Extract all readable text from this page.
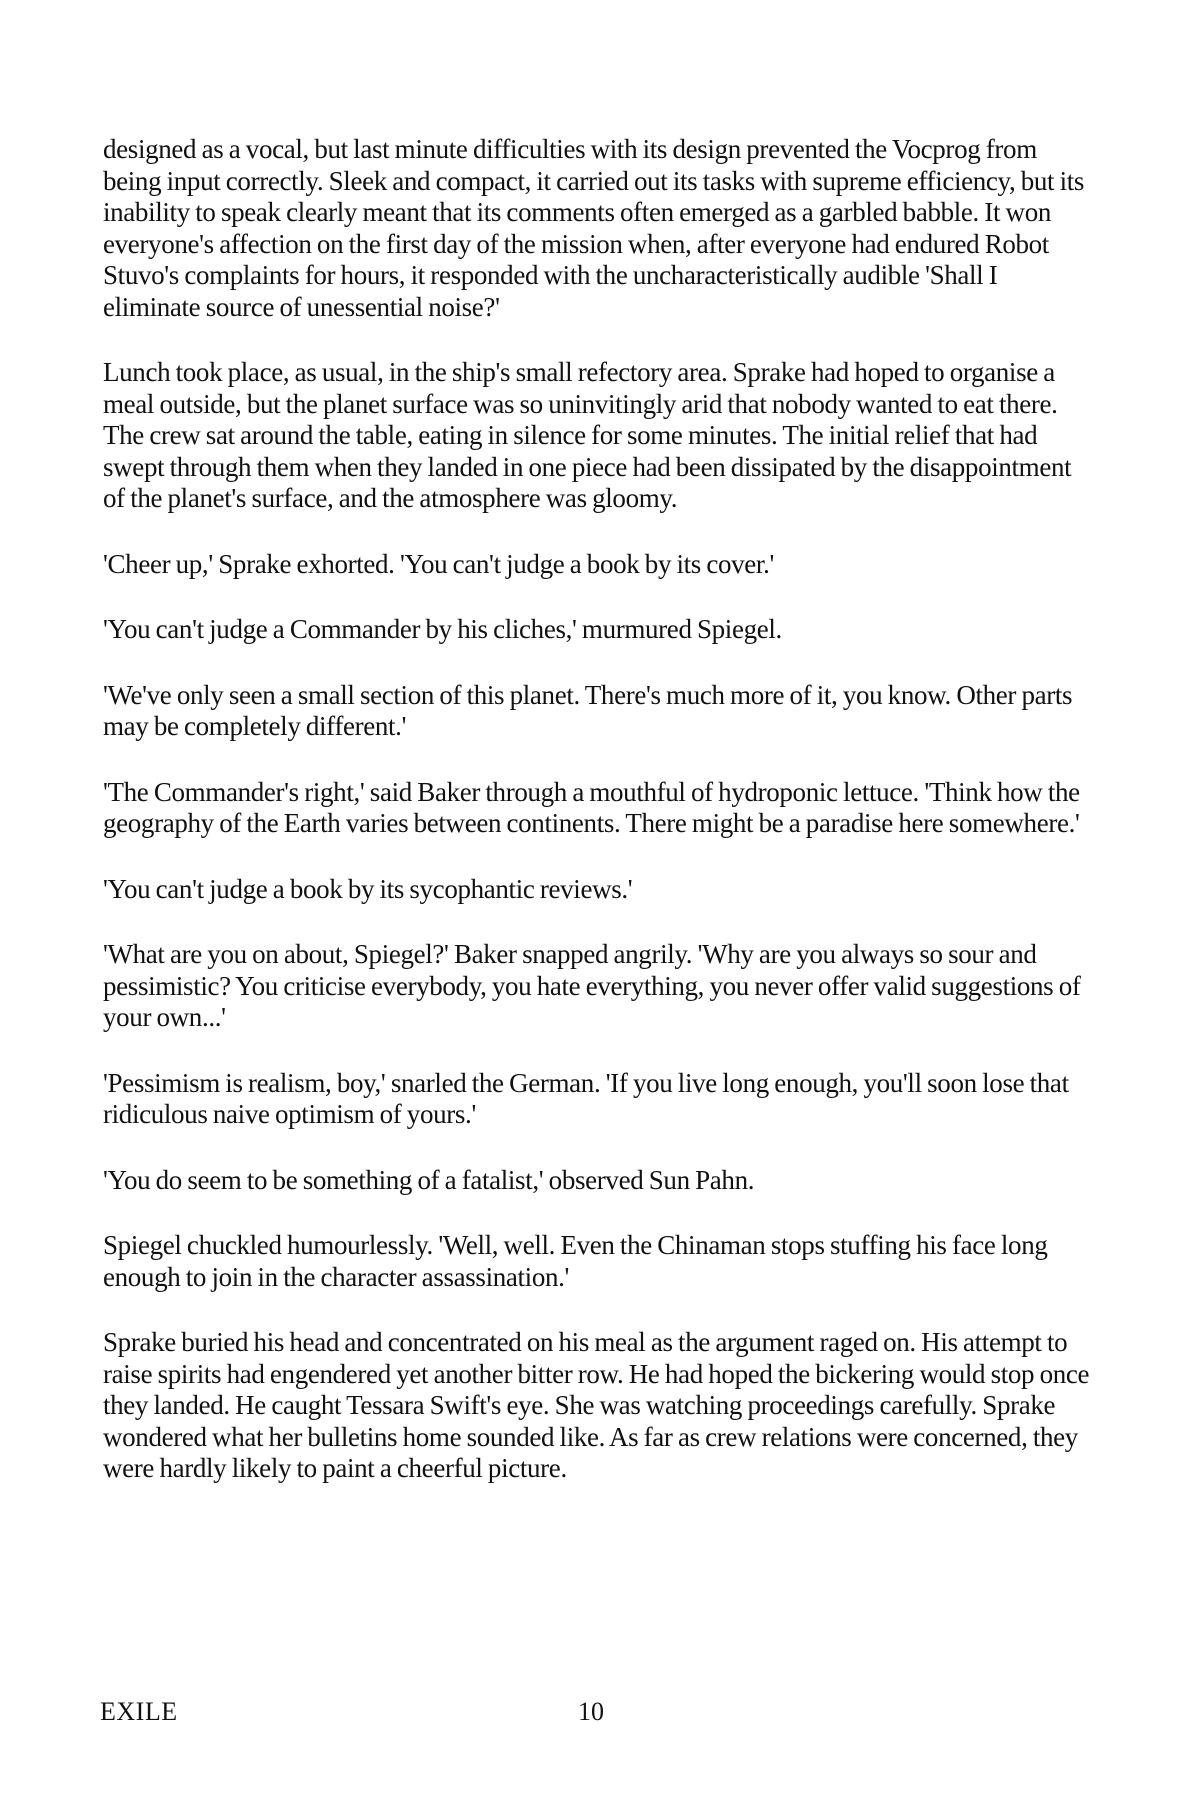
designed as a vocal, but last minute difficulties with its design prevented the Vocprog from being input correctly. Sleek and compact, it carried out its tasks with supreme efficiency, but its inability to speak clearly meant that its comments often emerged as a garbled babble. It won everyone's affection on the first day of the mission when, after everyone had endured Robot Stuvo's complaints for hours, it responded with the uncharacteristically audible 'Shall I eliminate source of unessential noise?'

Lunch took place, as usual, in the ship's small refectory area. Sprake had hoped to organise a meal outside, but the planet surface was so uninvitingly arid that nobody wanted to eat there. The crew sat around the table, eating in silence for some minutes. The initial relief that had swept through them when they landed in one piece had been dissipated by the disappointment of the planet's surface, and the atmosphere was gloomy.

'Cheer up,' Sprake exhorted. 'You can't judge a book by its cover.'

'You can't judge a Commander by his cliches,' murmured Spiegel.

'We've only seen a small section of this planet. There's much more of it, you know. Other parts may be completely different.'

'The Commander's right,' said Baker through a mouthful of hydroponic lettuce. 'Think how the geography of the Earth varies between continents. There might be a paradise here somewhere.'

'You can't judge a book by its sycophantic reviews.'

'What are you on about, Spiegel?' Baker snapped angrily. 'Why are you always so sour and pessimistic? You criticise everybody, you hate everything, you never offer valid suggestions of your own...'

'Pessimism is realism, boy,' snarled the German. 'If you live long enough, you'll soon lose that ridiculous naive optimism of yours.'

'You do seem to be something of a fatalist,' observed Sun Pahn.

Spiegel chuckled humourlessly. 'Well, well. Even the Chinaman stops stuffing his face long enough to join in the character assassination.'

Sprake buried his head and concentrated on his meal as the argument raged on. His attempt to raise spirits had engendered yet another bitter row. He had hoped the bickering would stop once they landed. He caught Tessara Swift's eye. She was watching proceedings carefully. Sprake wondered what her bulletins home sounded like. As far as crew relations were concerned, they were hardly likely to paint a cheerful picture.

EXILE	10
